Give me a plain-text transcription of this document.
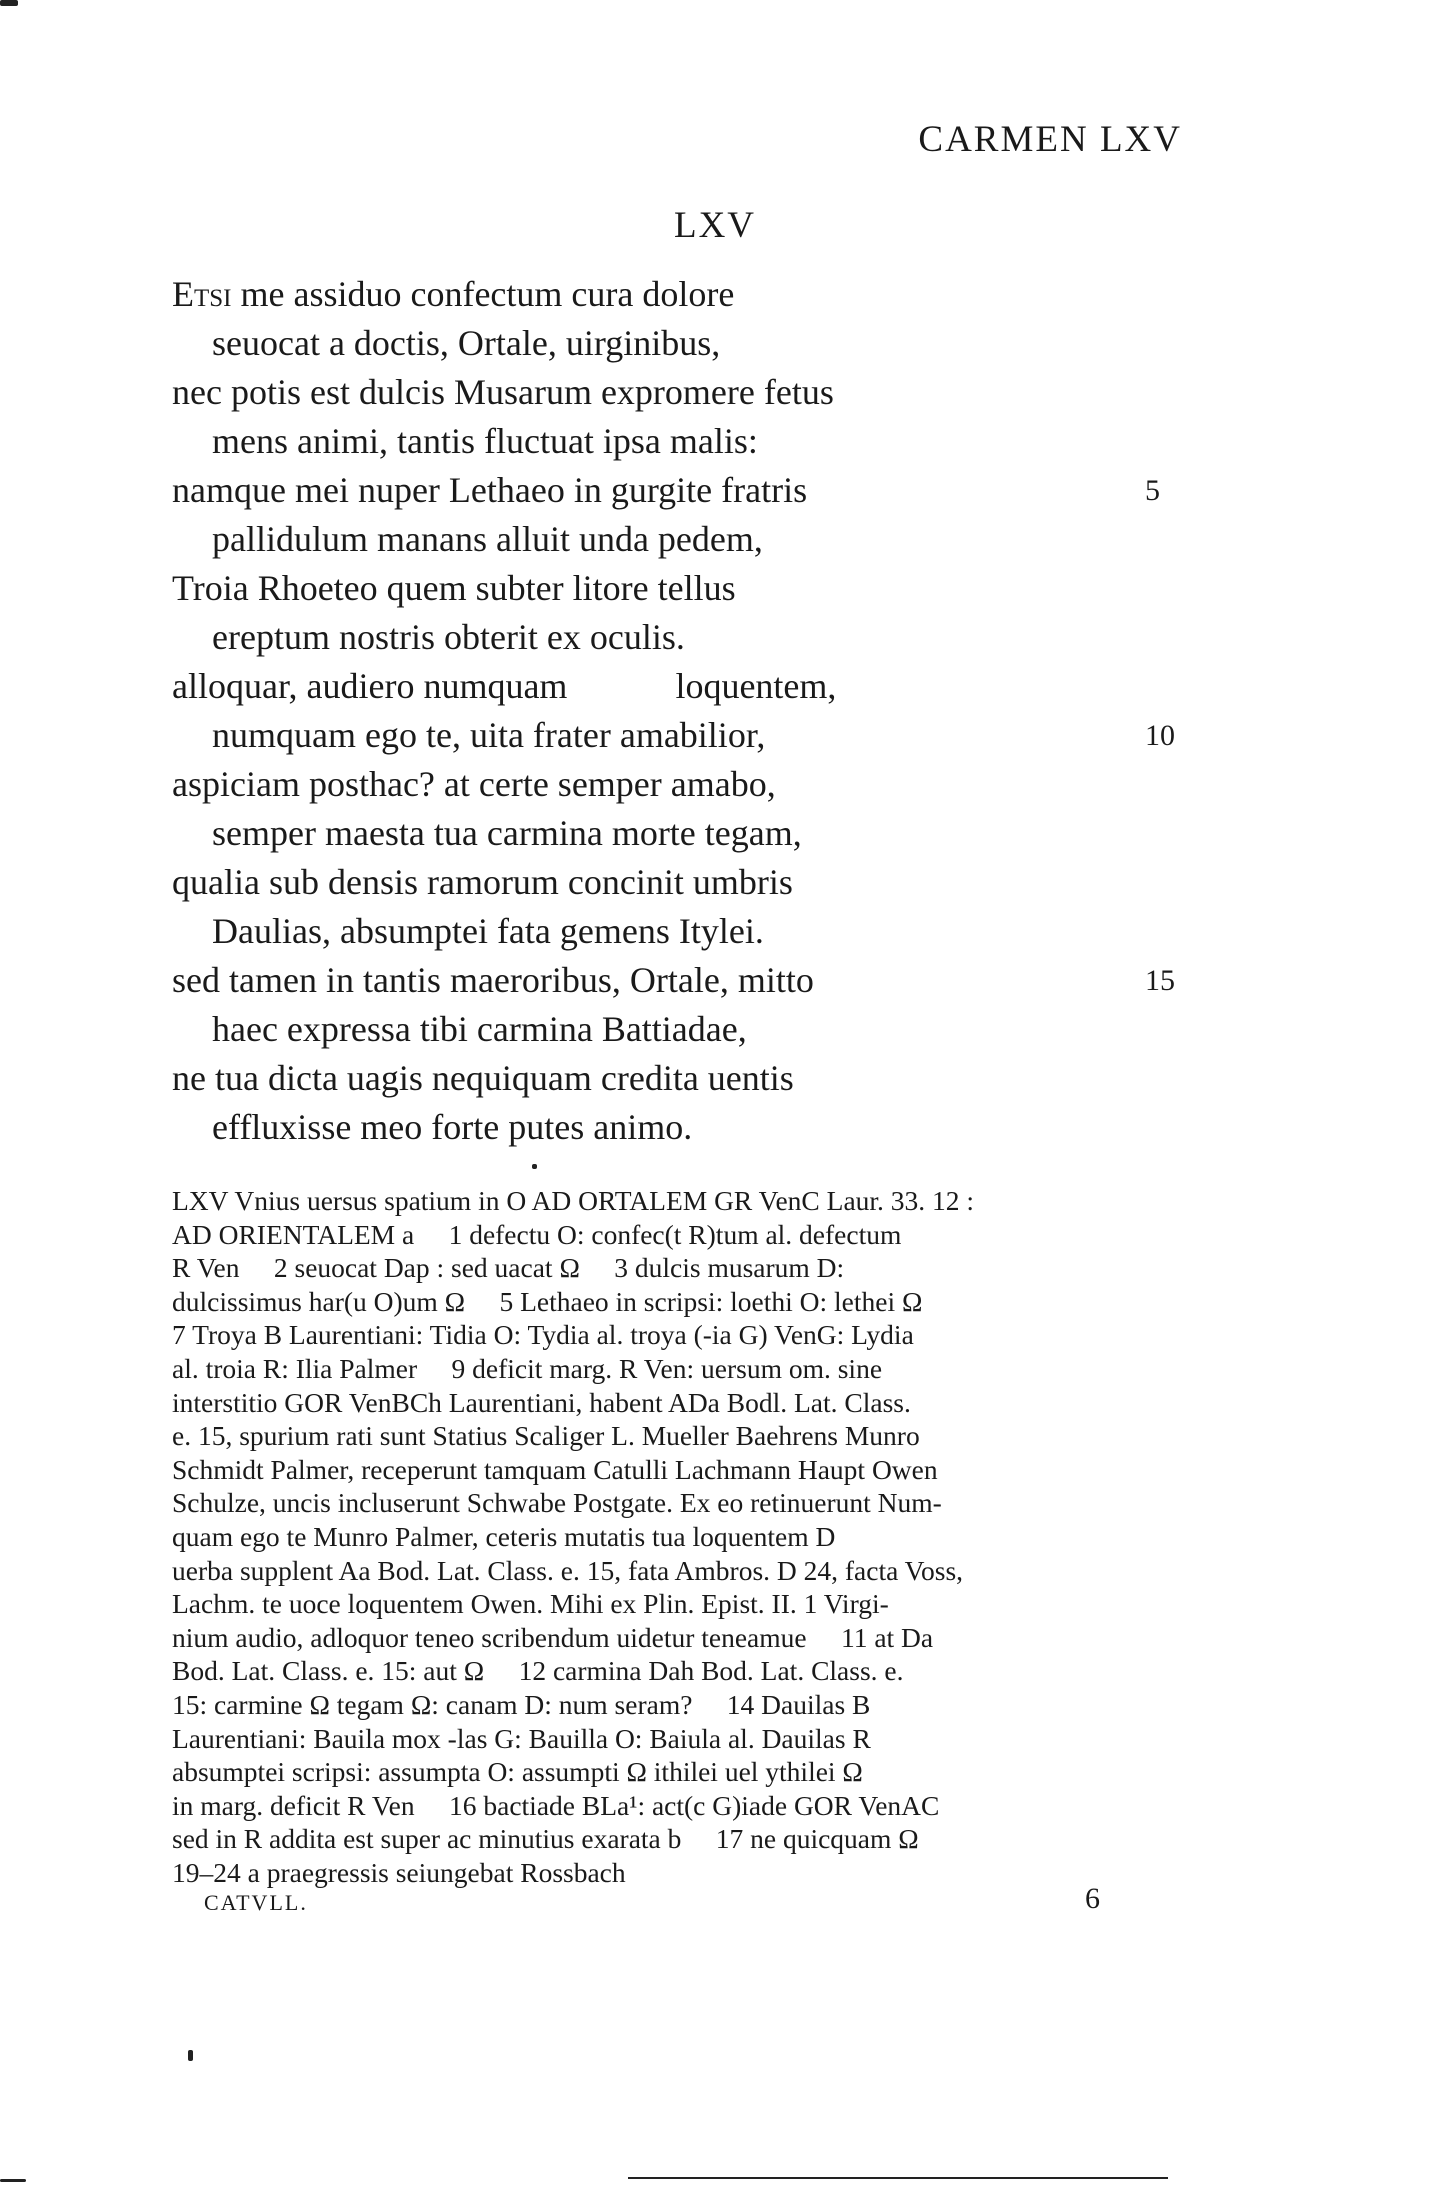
CARMEN LXV
LXV
Etsi me assiduo confectum cura dolore
seuocat a doctis, Ortale, uirginibus,
nec potis est dulcis Musarum expromere fetus
mens animi, tantis fluctuat ipsa malis:
namque mei nuper Lethaeo in gurgite fratris	5
pallidulum manans alluit unda pedem,
Troia Rhoeteo quem subter litore tellus
ereptum nostris obterit ex oculis.
alloquar, audiero numquam            loquentem,
numquam ego te, uita frater amabilior,	10
aspiciam posthac? at certe semper amabo,
semper maesta tua carmina morte tegam,
qualia sub densis ramorum concinit umbris
Daulias, absumptei fata gemens Itylei.
sed tamen in tantis maeroribus, Ortale, mitto	15
haec expressa tibi carmina Battiadae,
ne tua dicta uagis nequiquam credita uentis
effluxisse meo forte putes animo.
LXV Vnius uersus spatium in O AD ORTALEM GR VenC Laur. 33. 12 :
AD ORIENTALEM a     1 defectu O: confec(t R)tum al. defectum
R Ven     2 seuocat Dap : sed uacat Ω     3 dulcis musarum D:
dulcissimus har(u O)um Ω     5 Lethaeo in scripsi: loethi O: lethei Ω
7 Troya B Laurentiani: Tidia O: Tydia al. troya (-ia G) VenG: Lydia
al. troia R: Ilia Palmer     9 deficit marg. R Ven: uersum om. sine
interstitio GOR VenBCh Laurentiani, habent ADa Bodl. Lat. Class.
e. 15, spurium rati sunt Statius Scaliger L. Mueller Baehrens Munro
Schmidt Palmer, receperunt tamquam Catulli Lachmann Haupt Owen
Schulze, uncis incluserunt Schwabe Postgate. Ex eo retinuerunt Num-
quam ego te Munro Palmer, ceteris mutatis tua loquentem D
uerba supplent Aa Bod. Lat. Class. e. 15, fata Ambros. D 24, facta Voss,
Lachm. te uoce loquentem Owen. Mihi ex Plin. Epist. II. 1 Virgi-
nium audio, adloquor teneo scribendum uidetur teneamue     11 at Da
Bod. Lat. Class. e. 15: aut Ω     12 carmina Dah Bod. Lat. Class. e.
15: carmine Ω tegam Ω: canam D: num seram?     14 Dauilas B
Laurentiani: Bauila mox -las G: Bauilla O: Baiula al. Dauilas R
absumptei scripsi: assumpta O: assumpti Ω ithilei uel ythilei Ω
in marg. deficit R Ven     16 bactiade BLa¹: act(c G)iade GOR VenAC
sed in R addita est super ac minutius exarata b     17 ne quicquam Ω
19–24 a praegressis seiungebat Rossbach
CATVLL.	6
